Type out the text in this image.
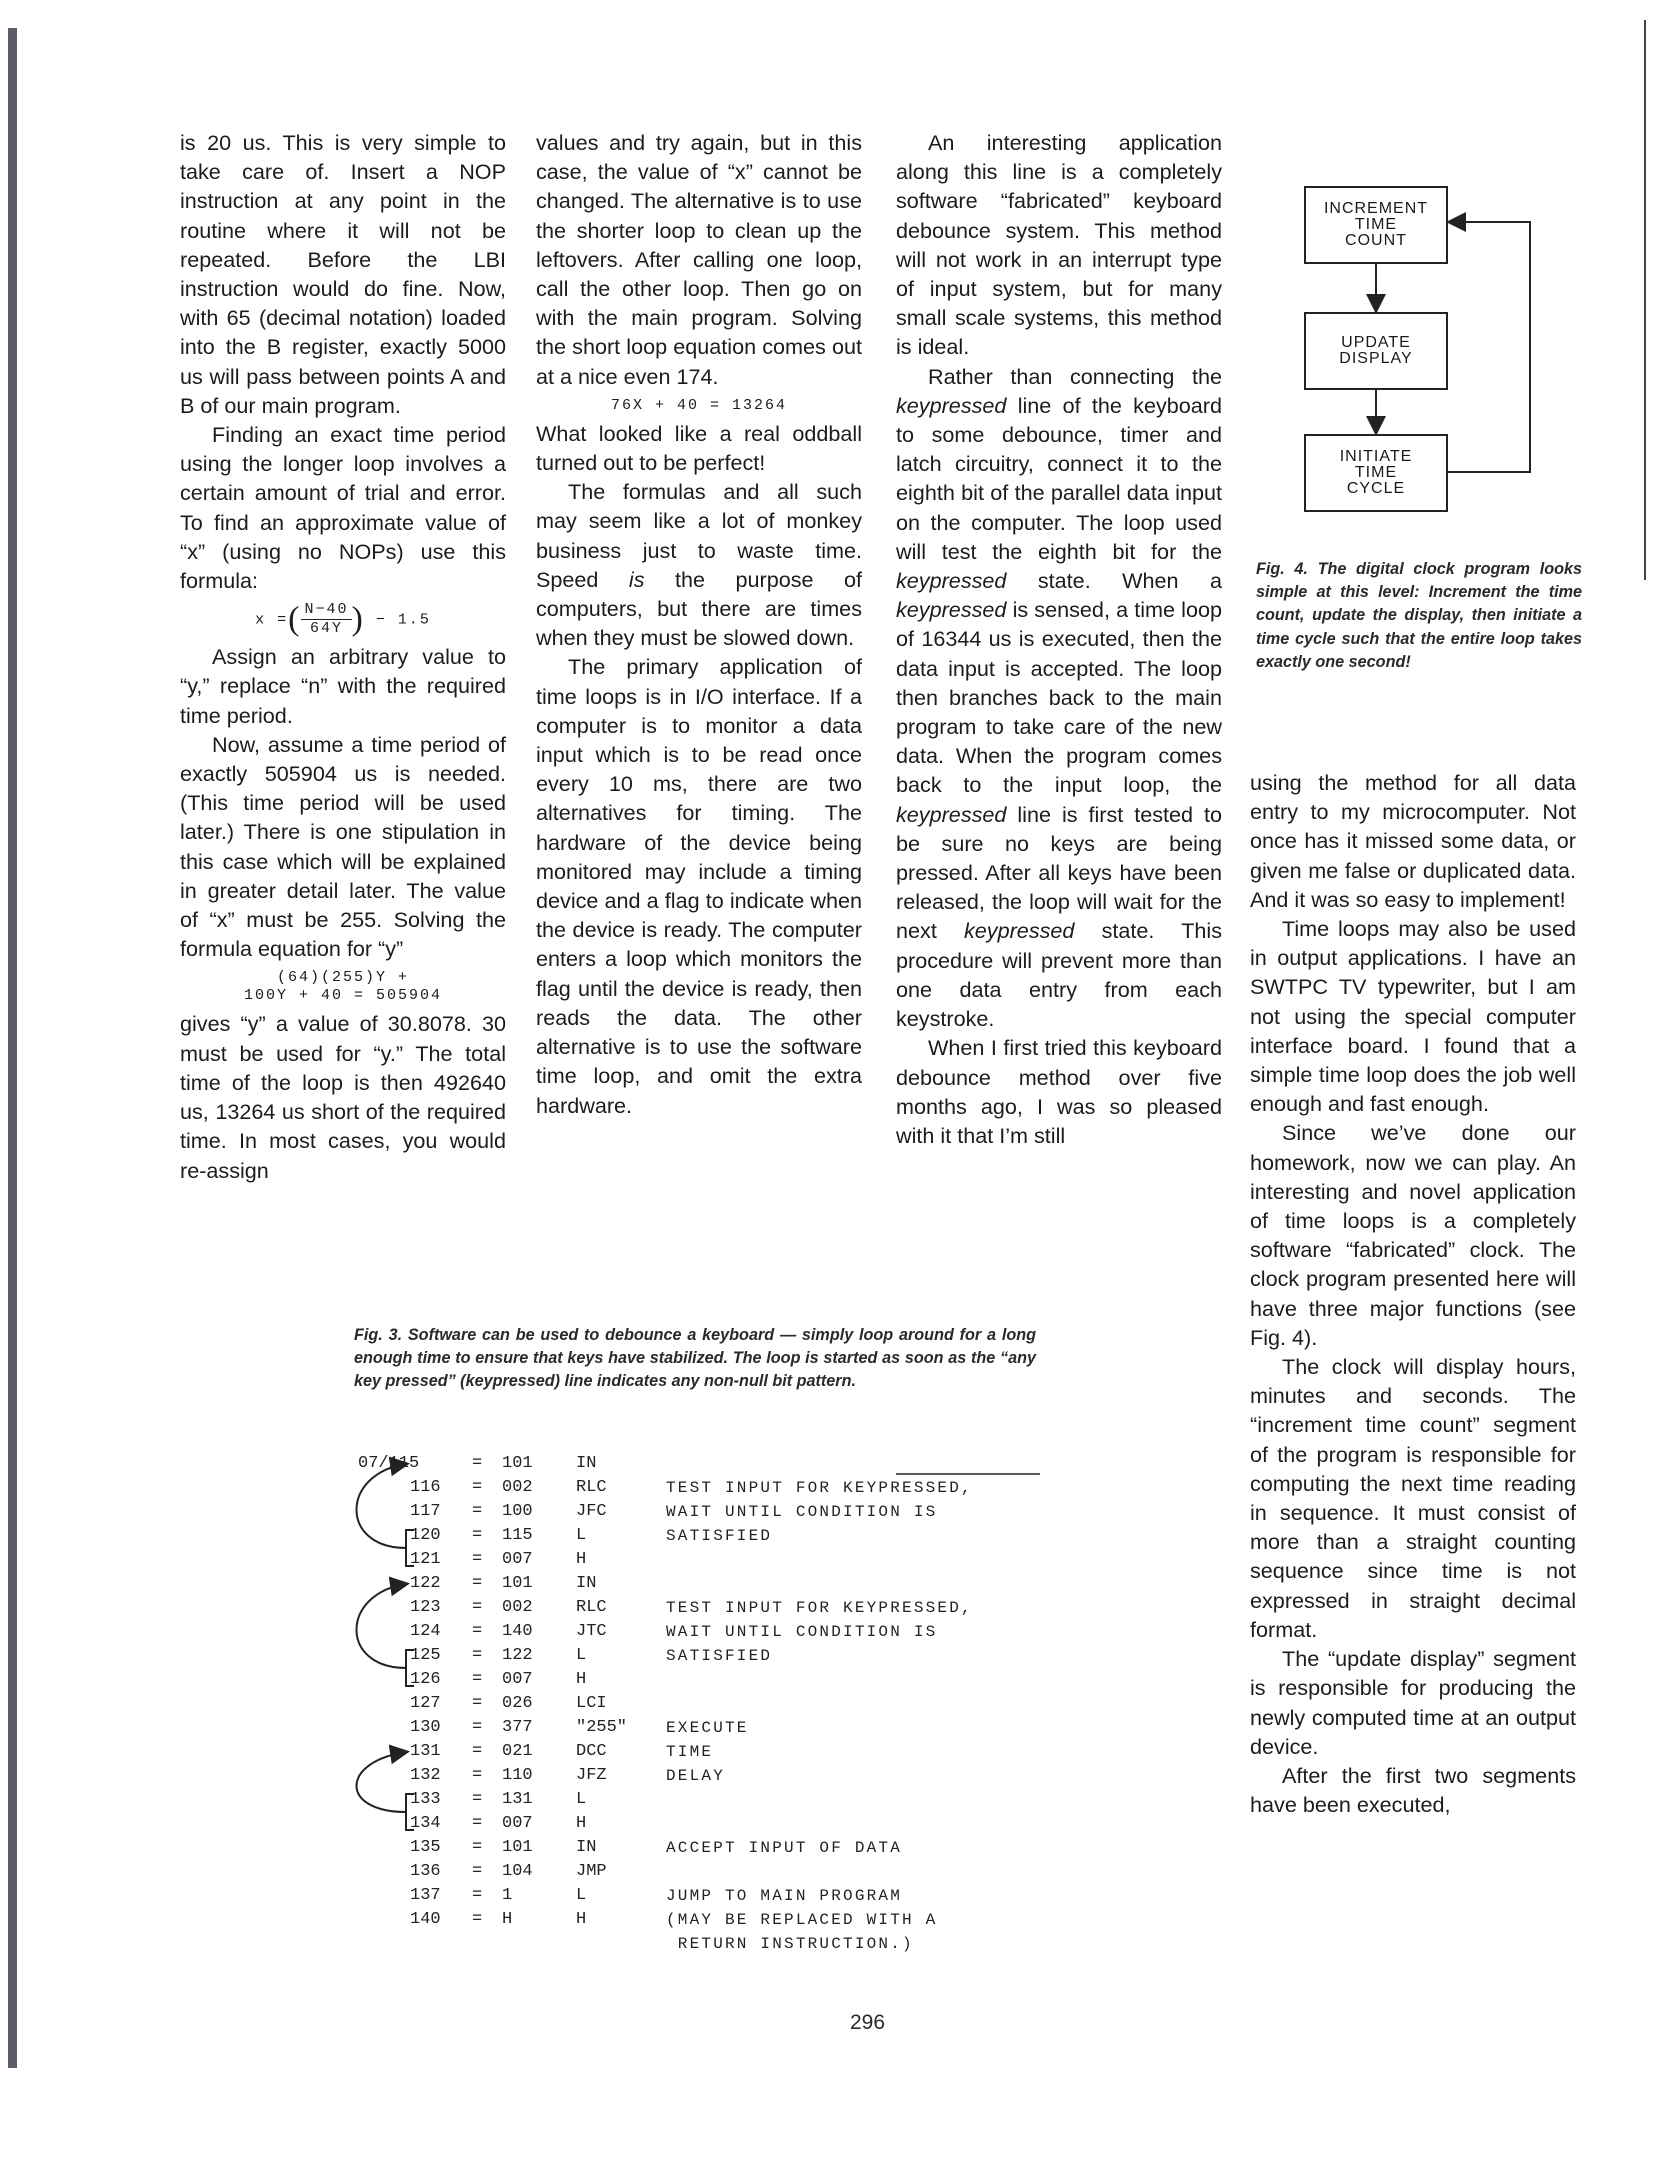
is 20 us. This is very simple to take care of. Insert a NOP instruction at any point in the routine where it will not be repeated. Before the LBI instruction would do fine. Now, with 65 (decimal notation) loaded into the B register, exactly 5000 us will pass between points A and B of our main program.

Finding an exact time period using the longer loop involves a certain amount of trial and error. To find an approximate value of “x” (using no NOPs) use this formula:

x =( $\frac{N-40}{64Y}$ ) − 1.5

Assign an arbitrary value to “y,” replace “n” with the required time period.

Now, assume a time period of exactly 505904 us is needed. (This time period will be used later.) There is one stipulation in this case which will be explained in greater detail later. The value of “x” must be 255. Solving the formula equation for “y”

(64)(255)Y +
100Y + 40 = 505904

gives “y” a value of 30.8078. 30 must be used for “y.” The total time of the loop is then 492640 us, 13264 us short of the required time. In most cases, you would re-assign

values and try again, but in this case, the value of “x” cannot be changed. The alternative is to use the shorter loop to clean up the leftovers. After calling one loop, call the other loop. Then go on with the main program. Solving the short loop equation comes out at a nice even 174.

76X + 40 = 13264

What looked like a real oddball turned out to be perfect!

The formulas and all such may seem like a lot of monkey business just to waste time. Speed is the purpose of computers, but there are times when they must be slowed down.

The primary application of time loops is in I/O interface. If a computer is to monitor a data input which is to be read once every 10 ms, there are two alternatives for timing. The hardware of the device being monitored may include a timing device and a flag to indicate when the device is ready. The computer enters a loop which monitors the flag until the device is ready, then reads the data. The other alternative is to use the software time loop, and omit the extra hardware.

An interesting application along this line is a completely software “fabricated” keyboard debounce system. This method will not work in an interrupt type of input system, but for many small scale systems, this method is ideal.

Rather than connecting the keypressed line of the keyboard to some debounce, timer and latch circuitry, connect it to the eighth bit of the parallel data input on the computer. The loop used will test the eighth bit for the keypressed state. When a keypressed is sensed, a time loop of 16344 us is executed, then the data input is accepted. The loop then branches back to the main program to take care of the new data. When the program comes back to the input loop, the keypressed line is first tested to be sure no keys are being pressed. After all keys have been released, the loop will wait for the next keypressed state. This procedure will prevent more than one data entry from each keystroke.

When I first tried this keyboard debounce method over five months ago, I was so pleased with it that I’m still

using the method for all data entry to my microcomputer. Not once has it missed some data, or given me false or duplicated data. And it was so easy to implement!

Time loops may also be used in output applications. I have an SWTPC TV typewriter, but I am not using the special computer interface board. I found that a simple time loop does the job well enough and fast enough.

Since we’ve done our homework, now we can play. An interesting and novel application of time loops is a completely software “fabricated” clock. The clock program presented here will have three major functions (see Fig. 4).

The clock will display hours, minutes and seconds. The “increment time count” segment of the program is responsible for computing the next time reading in sequence. It must consist of more than a straight counting sequence since time is not expressed in straight decimal format.

The “update display” segment is responsible for producing the newly computed time at an output device.

After the first two segments have been executed,

INCREMENT
TIME
COUNT
UPDATE
DISPLAY
INITIATE
TIME
CYCLE
Fig. 4. The digital clock program looks simple at this level: Increment the time count, update the display, then initiate a time cycle such that the entire loop takes exactly one second!
Fig. 3. Software can be used to debounce a keyboard — simply loop around for a long enough time to ensure that keys have stabilized. The loop is started as soon as the “any key pressed” (keypressed) line indicates any non-null bit pattern.
07/115	= 101	IN
116 = 002	RLC	TEST INPUT FOR KEYPRESSED,
117 = 100	JFC	WAIT UNTIL CONDITION IS
120 = 115	L	SATISFIED
121 = 007	H
122 = 101	IN
123 = 002	RLC	TEST INPUT FOR KEYPRESSED,
124 = 140	JTC	WAIT UNTIL CONDITION IS
125 = 122	L	SATISFIED
126 = 007	H
127 = 026	LCI
130 = 377	"255" EXECUTE
131 = 021	DCC	TIME
132 = 110	JFZ	DELAY
133 = 131	L
134 = 007	H
135 = 101	IN	ACCEPT INPUT OF DATA
136 = 104	JMP
137 = 1	L	JUMP TO MAIN PROGRAM
140 = H	H	(MAY BE REPLACED WITH A
RETURN INSTRUCTION.)
296
